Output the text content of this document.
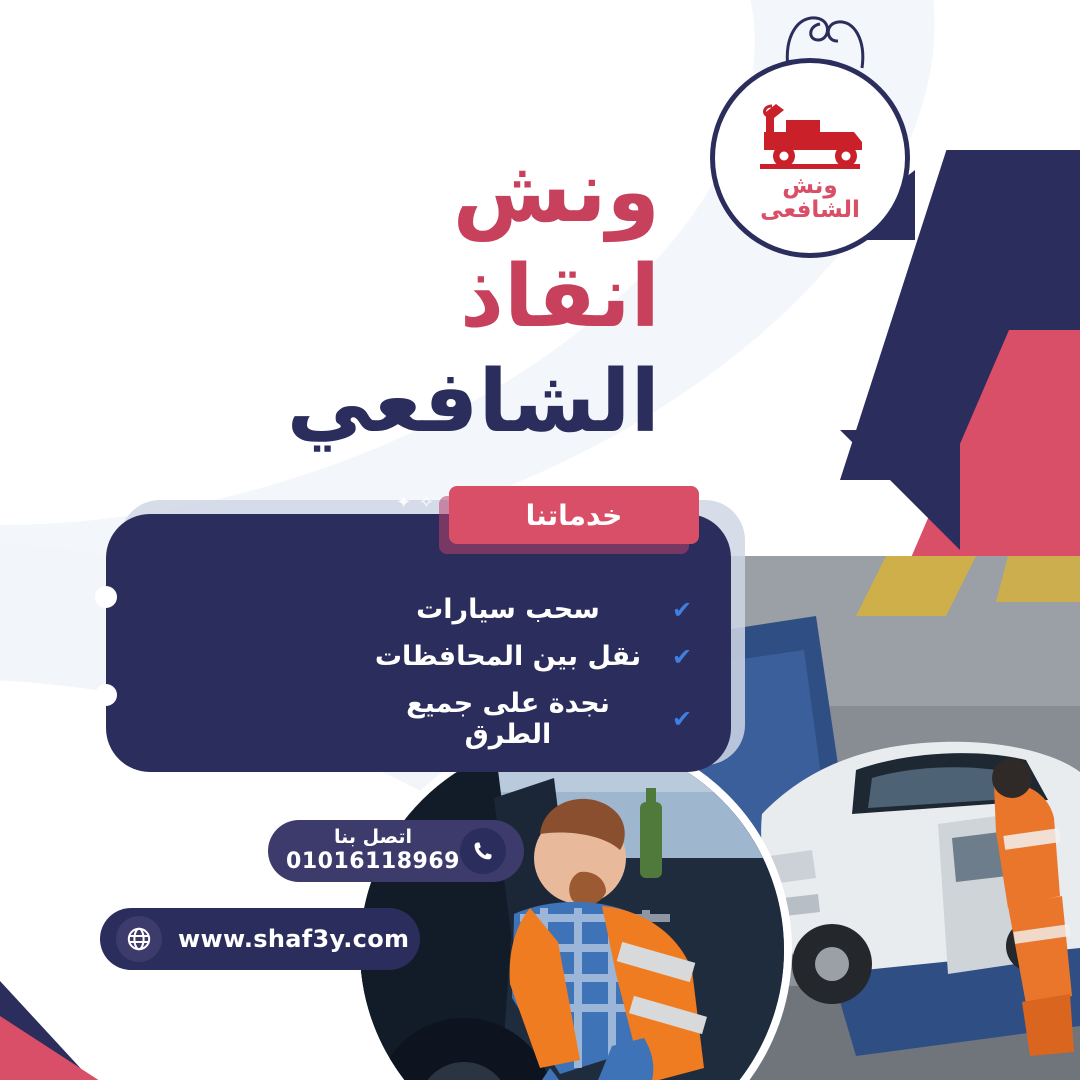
ونش
الشافعى
ونش انقاذ
الشافعي
خدماتنا
✧ ✦
✔
سحب سيارات
✔
نقل بين المحافظات
✔
نجدة على جميع الطرق
اتصل بنا
01016118969
www.shaf3y.com
